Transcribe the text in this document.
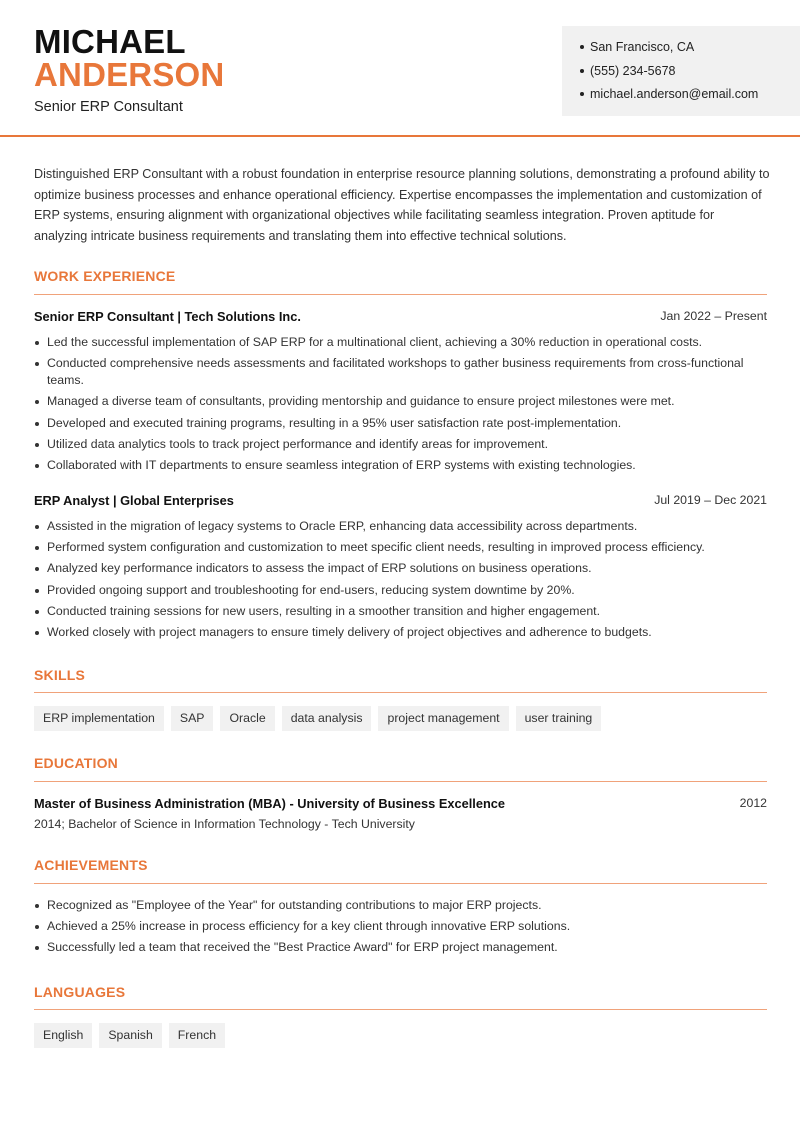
MICHAEL
ANDERSON
Senior ERP Consultant
San Francisco, CA
(555) 234-5678
michael.anderson@email.com
Distinguished ERP Consultant with a robust foundation in enterprise resource planning solutions, demonstrating a profound ability to optimize business processes and enhance operational efficiency. Expertise encompasses the implementation and customization of ERP systems, ensuring alignment with organizational objectives while facilitating seamless integration. Proven aptitude for analyzing intricate business requirements and translating them into effective technical solutions.
WORK EXPERIENCE
Senior ERP Consultant | Tech Solutions Inc.	Jan 2022 – Present
Led the successful implementation of SAP ERP for a multinational client, achieving a 30% reduction in operational costs.
Conducted comprehensive needs assessments and facilitated workshops to gather business requirements from cross-functional teams.
Managed a diverse team of consultants, providing mentorship and guidance to ensure project milestones were met.
Developed and executed training programs, resulting in a 95% user satisfaction rate post-implementation.
Utilized data analytics tools to track project performance and identify areas for improvement.
Collaborated with IT departments to ensure seamless integration of ERP systems with existing technologies.
ERP Analyst | Global Enterprises	Jul 2019 – Dec 2021
Assisted in the migration of legacy systems to Oracle ERP, enhancing data accessibility across departments.
Performed system configuration and customization to meet specific client needs, resulting in improved process efficiency.
Analyzed key performance indicators to assess the impact of ERP solutions on business operations.
Provided ongoing support and troubleshooting for end-users, reducing system downtime by 20%.
Conducted training sessions for new users, resulting in a smoother transition and higher engagement.
Worked closely with project managers to ensure timely delivery of project objectives and adherence to budgets.
SKILLS
ERP implementation	SAP	Oracle	data analysis	project management	user training
EDUCATION
Master of Business Administration (MBA) - University of Business Excellence	2012
2014; Bachelor of Science in Information Technology - Tech University
ACHIEVEMENTS
Recognized as "Employee of the Year" for outstanding contributions to major ERP projects.
Achieved a 25% increase in process efficiency for a key client through innovative ERP solutions.
Successfully led a team that received the "Best Practice Award" for ERP project management.
LANGUAGES
English	Spanish	French
